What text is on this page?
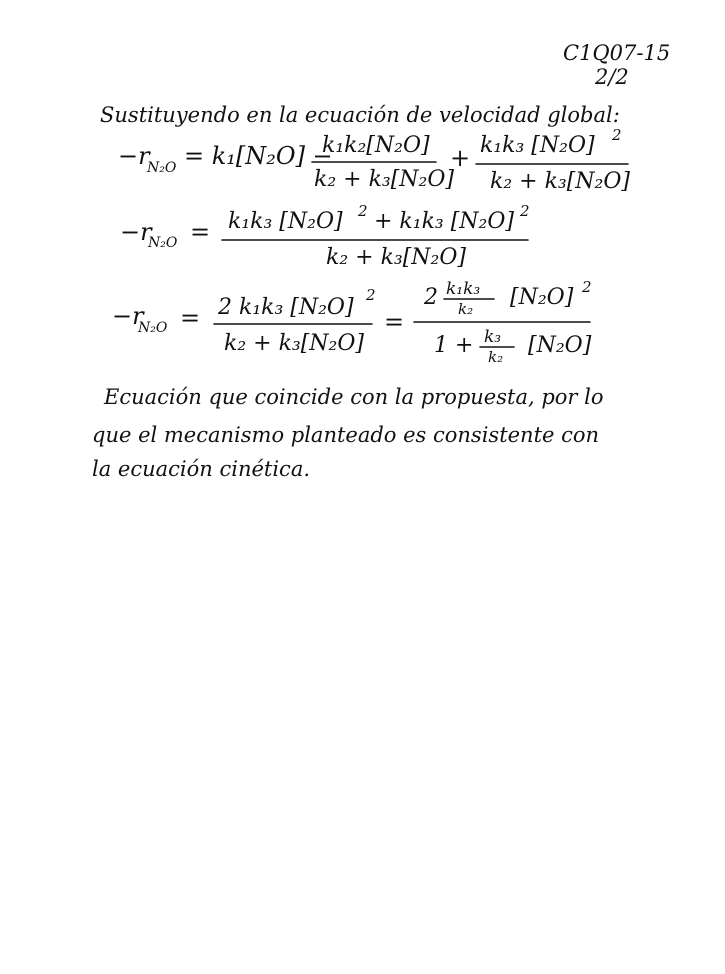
C1Q07-15
2/2
Sustituyendo en la ecuación de velocidad global:
−r
N₂O = k₁[N₂O] −
k₁k₂[N₂O]
k₂ + k₃[N₂O]
+ k₁k₃ [N₂O] 2
k₂ + k₃[N₂O]
−r
N₂O = k₁k₃ [N₂O] 2 + k₁k₃ [N₂O] 2
k₂ + k₃[N₂O]
−r
N₂O = 2 k₁k₃ [N₂O] 2
k₂ + k₃[N₂O]
=
2 k₁k₃
k₂ [N₂O] 2
1 + k₃
k₂ [N₂O]
Ecuación que coincide con la propuesta, por lo
que el mecanismo planteado es consistente con
la ecuación cinética.
